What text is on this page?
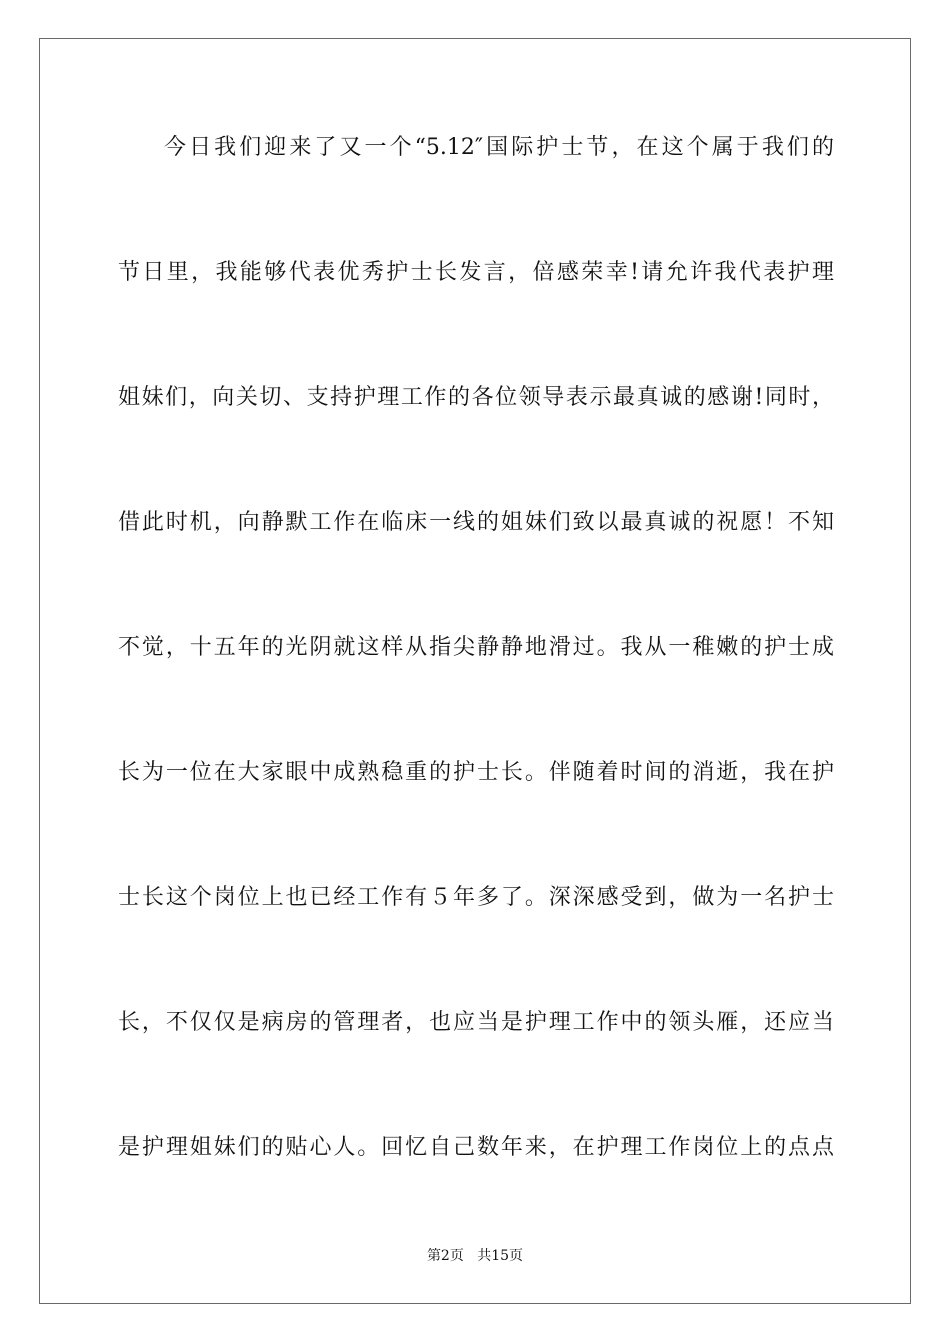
今日我们迎来了又一个“5.12″国际护士节，在这个属于我们的
节日里，我能够代表优秀护士长发言，倍感荣幸!请允许我代表护理
姐妹们，向关切、支持护理工作的各位领导表示最真诚的感谢!同时，
借此时机，向静默工作在临床一线的姐妹们致以最真诚的祝愿！不知
不觉，十五年的光阴就这样从指尖静静地滑过。我从一稚嫩的护士成
长为一位在大家眼中成熟稳重的护士长。伴随着时间的消逝，我在护
士长这个岗位上也已经工作有５年多了。深深感受到，做为一名护士
长，不仅仅是病房的管理者，也应当是护理工作中的领头雁，还应当
是护理姐妹们的贴心人。回忆自己数年来，在护理工作岗位上的点点
第2页 共15页
